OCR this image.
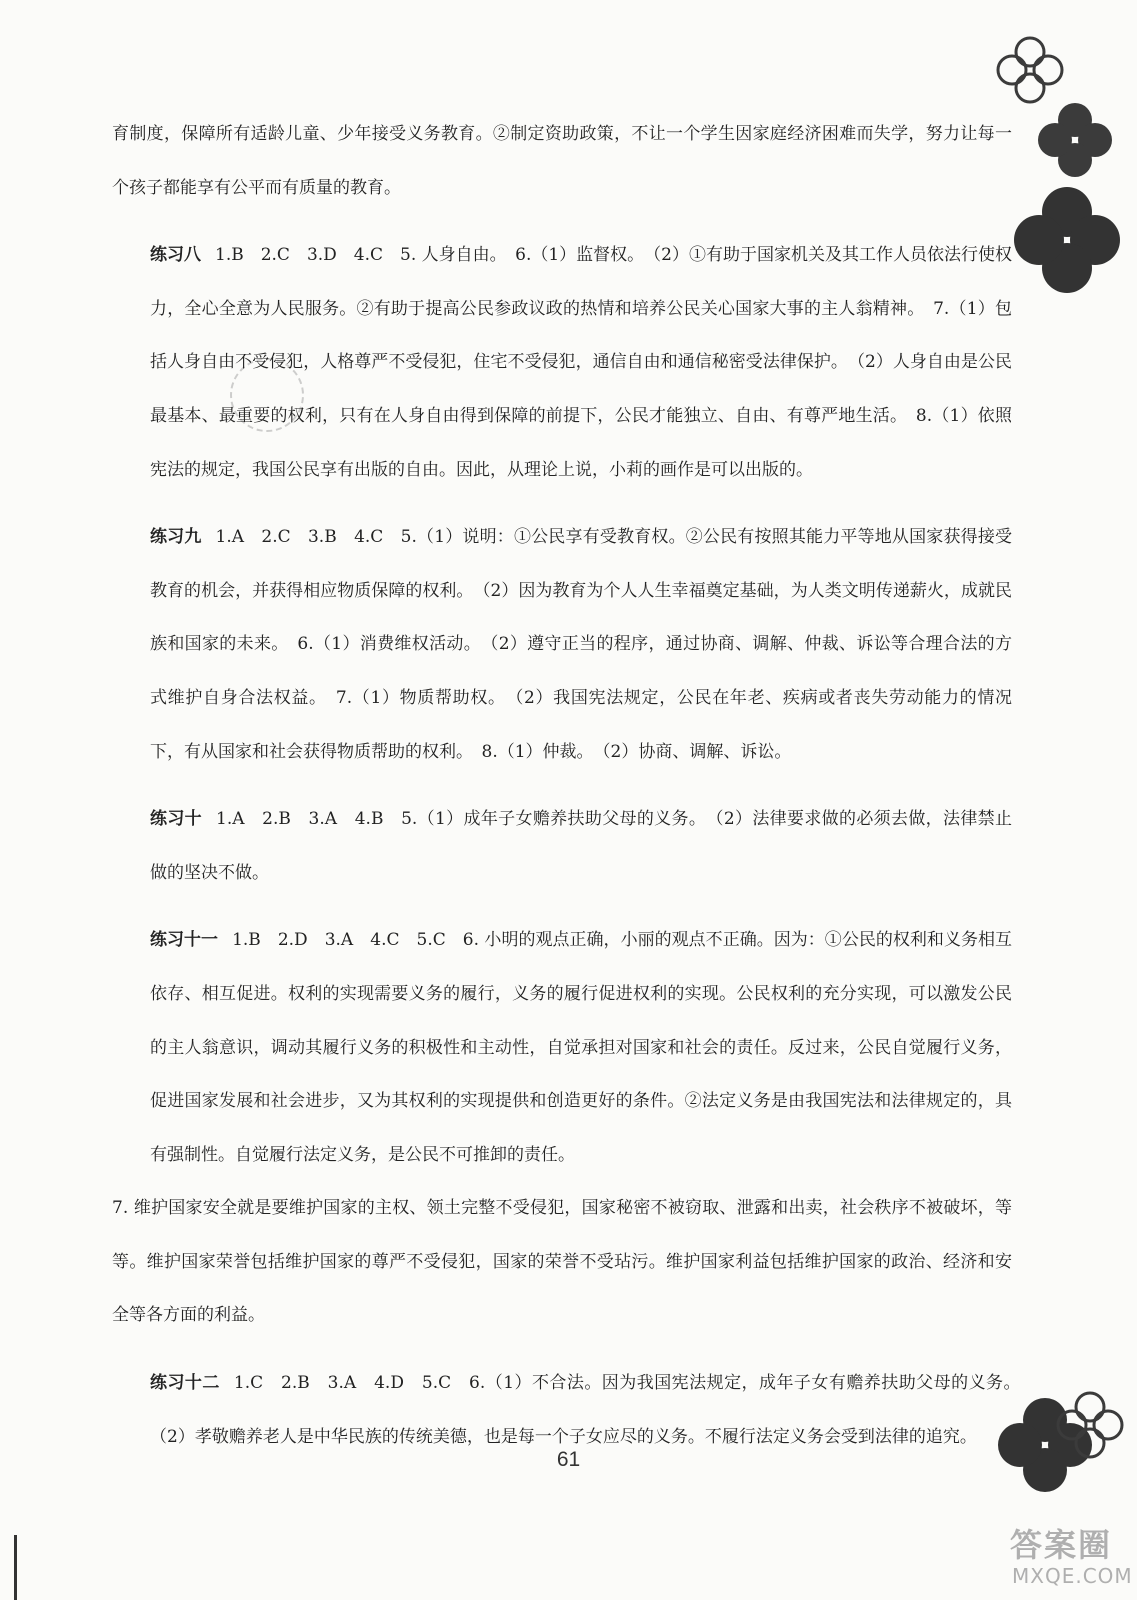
育制度，保障所有适龄儿童、少年接受义务教育。②制定资助政策，不让一个学生因家庭经济困难而失学，努力让每一个孩子都能享有公平而有质量的教育。

练习八 1.B　2.C　3.D　4.C　5. 人身自由。　6.（1）监督权。　（2）①有助于国家机关及其工作人员依法行使权力，全心全意为人民服务。②有助于提高公民参政议政的热情和培养公民关心国家大事的主人翁精神。　7.（1）包括人身自由不受侵犯，人格尊严不受侵犯，住宅不受侵犯，通信自由和通信秘密受法律保护。　（2）人身自由是公民最基本、最重要的权利，只有在人身自由得到保障的前提下，公民才能独立、自由、有尊严地生活。　8.（1）依照宪法的规定，我国公民享有出版的自由。因此，从理论上说，小莉的画作是可以出版的。

练习九 1.A　2.C　3.B　4.C　5.（1）说明：①公民享有受教育权。②公民有按照其能力平等地从国家获得接受教育的机会，并获得相应物质保障的权利。　（2）因为教育为个人人生幸福奠定基础，为人类文明传递薪火，成就民族和国家的未来。　6.（1）消费维权活动。　（2）遵守正当的程序，通过协商、调解、仲裁、诉讼等合理合法的方式维护自身合法权益。　7.（1）物质帮助权。　（2）我国宪法规定，公民在年老、疾病或者丧失劳动能力的情况下，有从国家和社会获得物质帮助的权利。　8.（1）仲裁。　（2）协商、调解、诉讼。

练习十 1.A　2.B　3.A　4.B　5.（1）成年子女赡养扶助父母的义务。　（2）法律要求做的必须去做，法律禁止做的坚决不做。

练习十一 1.B　2.D　3.A　4.C　5.C　6. 小明的观点正确，小丽的观点不正确。因为：①公民的权利和义务相互依存、相互促进。权利的实现需要义务的履行，义务的履行促进权利的实现。公民权利的充分实现，可以激发公民的主人翁意识，调动其履行义务的积极性和主动性，自觉承担对国家和社会的责任。反过来，公民自觉履行义务，促进国家发展和社会进步，又为其权利的实现提供和创造更好的条件。②法定义务是由我国宪法和法律规定的，具有强制性。自觉履行法定义务，是公民不可推卸的责任。

7. 维护国家安全就是要维护国家的主权、领土完整不受侵犯，国家秘密不被窃取、泄露和出卖，社会秩序不被破坏，等等。维护国家荣誉包括维护国家的尊严不受侵犯，国家的荣誉不受玷污。维护国家利益包括维护国家的政治、经济和安全等各方面的利益。

练习十二 1.C　2.B　3.A　4.D　5.C　6.（1）不合法。因为我国宪法规定，成年子女有赡养扶助父母的义务。　（2）孝敬赡养老人是中华民族的传统美德，也是每一个子女应尽的义务。不履行法定义务会受到法律的追究。

61
答案圈
MXQE.COM
